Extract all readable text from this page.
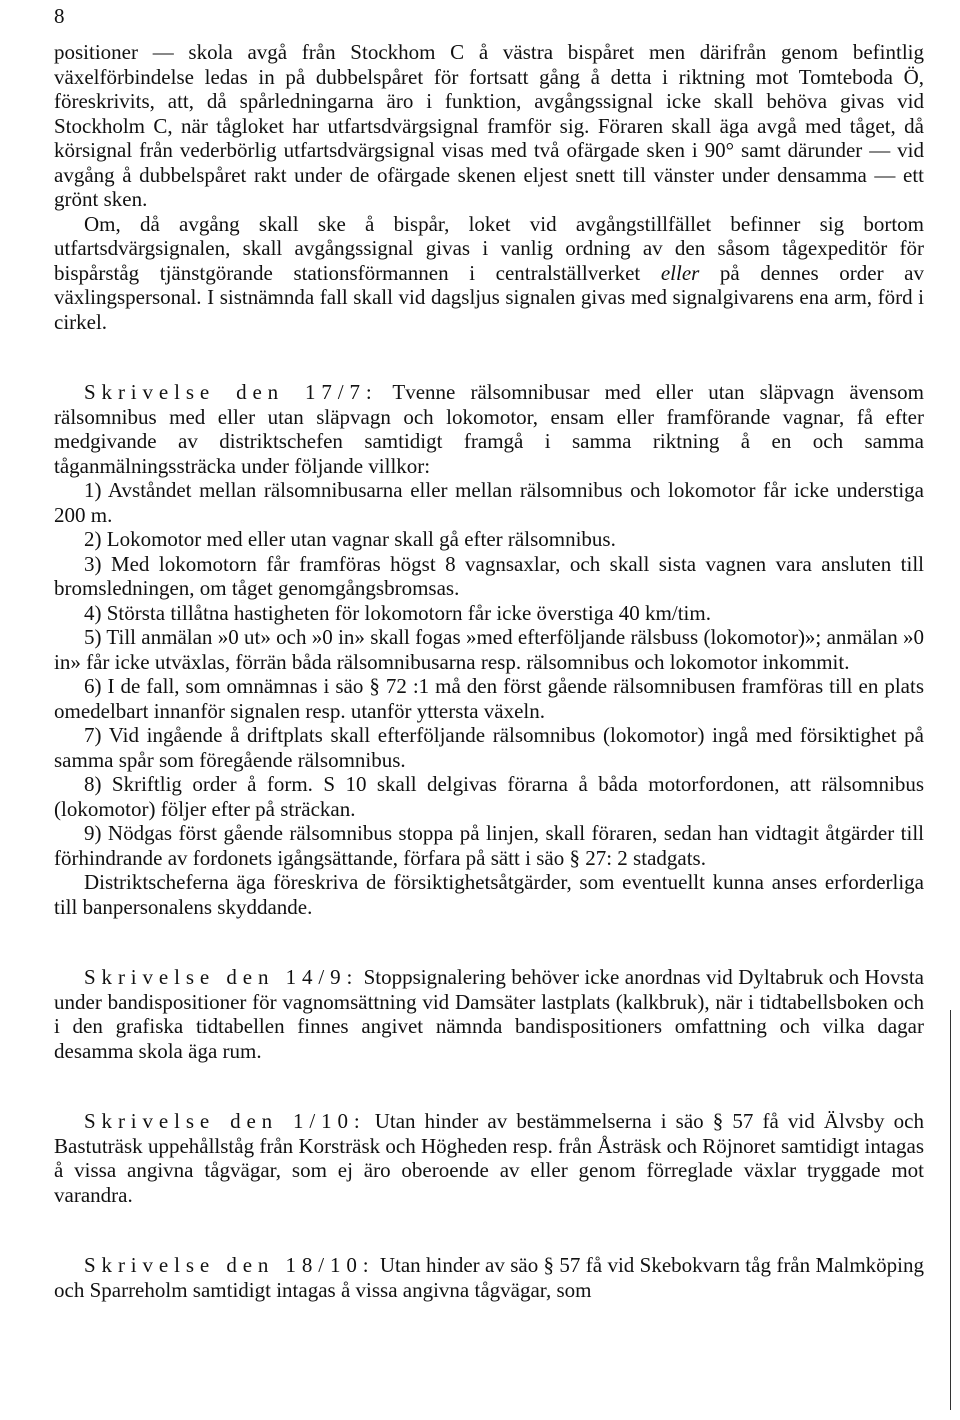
8

positioner — skola avgå från Stockhom C å västra bispåret men därifrån genom befintlig växelförbindelse ledas in på dubbelspåret för fortsatt gång å detta i riktning mot Tomteboda Ö, föreskrivits, att, då spårledningarna äro i funktion, avgångssignal icke skall behöva givas vid Stockholm C, när tågloket har utfartsdvärgsignal framför sig. Föraren skall äga avgå med tåget, då körsignal från vederbörlig utfartsdvärgsignal visas med två ofärgade sken i 90° samt därunder — vid avgång å dubbelspåret rakt under de ofärgade skenen eljest snett till vänster under densamma — ett grönt sken.

Om, då avgång skall ske å bispår, loket vid avgångstillfället befinner sig bortom utfartsdvärgsignalen, skall avgångssignal givas i vanlig ordning av den såsom tågexpeditör för bispårståg tjänstgörande stationsförmannen i centralställverket eller på dennes order av växlingspersonal. I sistnämnda fall skall vid dagsljus signalen givas med signalgivarens ena arm, förd i cirkel.

Skrivelse den 17/7: Tvenne rälsomnibusar med eller utan släpvagn ävensom rälsomnibus med eller utan släpvagn och lokomotor, ensam eller framförande vagnar, få efter medgivande av distriktschefen samtidigt framgå i samma riktning å en och samma tåganmälningssträcka under följande villkor:

1) Avståndet mellan rälsomnibusarna eller mellan rälsomnibus och lokomotor får icke understiga 200 m.

2) Lokomotor med eller utan vagnar skall gå efter rälsomnibus.

3) Med lokomotorn får framföras högst 8 vagnsaxlar, och skall sista vagnen vara ansluten till bromsledningen, om tåget genomgångsbromsas.

4) Största tillåtna hastigheten för lokomotorn får icke överstiga 40 km/tim.

5) Till anmälan »0 ut» och »0 in» skall fogas »med efterföljande rälsbuss (lokomotor)»; anmälan »0 in» får icke utväxlas, förrän båda rälsomnibusarna resp. rälsomnibus och lokomotor inkommit.

6) I de fall, som omnämnas i säo § 72 :1 må den först gående rälsomnibusen framföras till en plats omedelbart innanför signalen resp. utanför yttersta växeln.

7) Vid ingående å driftplats skall efterföljande rälsomnibus (lokomotor) ingå med försiktighet på samma spår som föregående rälsomnibus.

8) Skriftlig order å form. S 10 skall delgivas förarna å båda motorfordonen, att rälsomnibus (lokomotor) följer efter på sträckan.

9) Nödgas först gående rälsomnibus stoppa på linjen, skall föraren, sedan han vidtagit åtgärder till förhindrande av fordonets igångsättande, förfara på sätt i säo § 27: 2 stadgats.

Distriktscheferna äga föreskriva de försiktighetsåtgärder, som eventuellt kunna anses erforderliga till banpersonalens skyddande.

Skrivelse den 14/9: Stoppsignalering behöver icke anordnas vid Dyltabruk och Hovsta under bandispositioner för vagnomsättning vid Damsäter lastplats (kalkbruk), när i tidtabellsboken och i den grafiska tidtabellen finnes angivet nämnda bandispositioners omfattning och vilka dagar desamma skola äga rum.

Skrivelse den 1/10: Utan hinder av bestämmelserna i säo § 57 få vid Älvsby och Bastuträsk uppehållståg från Korsträsk och Högheden resp. från Åsträsk och Röjnoret samtidigt intagas å vissa angivna tågvägar, som ej äro oberoende av eller genom förreglade växlar tryggade mot varandra.

Skrivelse den 18/10: Utan hinder av säo § 57 få vid Skebokvarn tåg från Malmköping och Sparreholm samtidigt intagas å vissa angivna tågvägar, som
